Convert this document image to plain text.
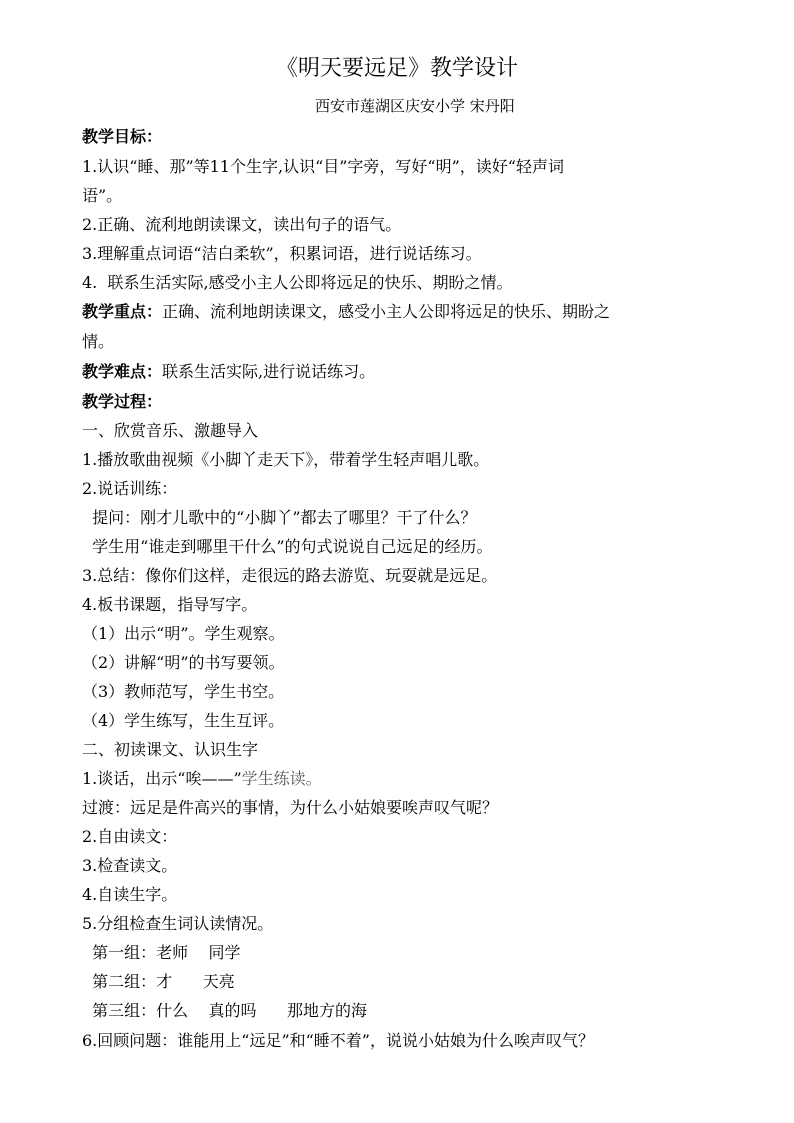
《明天要远足》教学设计
西安市莲湖区庆安小学 宋丹阳
教学目标：
1.认识“睡、那”等11个生字,认识“目”字旁，写好“明”，读好“轻声词
语”。
2.正确、流利地朗读课文，读出句子的语气。
3.理解重点词语“洁白柔软”，积累词语，进行说话练习。
4.  联系生活实际,感受小主人公即将远足的快乐、期盼之情。
教学重点：正确、流利地朗读课文，感受小主人公即将远足的快乐、期盼之
情。
教学难点：联系生活实际,进行说话练习。
教学过程：
一、欣赏音乐、激趣导入
1.播放歌曲视频《小脚丫走天下》，带着学生轻声唱儿歌。
2.说话训练：
提问：刚才儿歌中的“小脚丫”都去了哪里？干了什么？
学生用“谁走到哪里干什么”的句式说说自己远足的经历。
3.总结：像你们这样，走很远的路去游览、玩耍就是远足。
4.板书课题，指导写字。
（1）出示“明”。学生观察。
（2）讲解“明”的书写要领。
（3）教师范写，学生书空。
（4）学生练写，生生互评。
二、初读课文、认识生字
1.谈话，出示“唉——”学生练读。
过渡：远足是件高兴的事情，为什么小姑娘要唉声叹气呢？
2.自由读文：
3.检查读文。
4.自读生字。
5.分组检查生词认读情况。
第一组：老师    同学
第二组：才      天亮
第三组：什么    真的吗      那地方的海
6.回顾问题：谁能用上“远足”和“睡不着”，说说小姑娘为什么唉声叹气？
